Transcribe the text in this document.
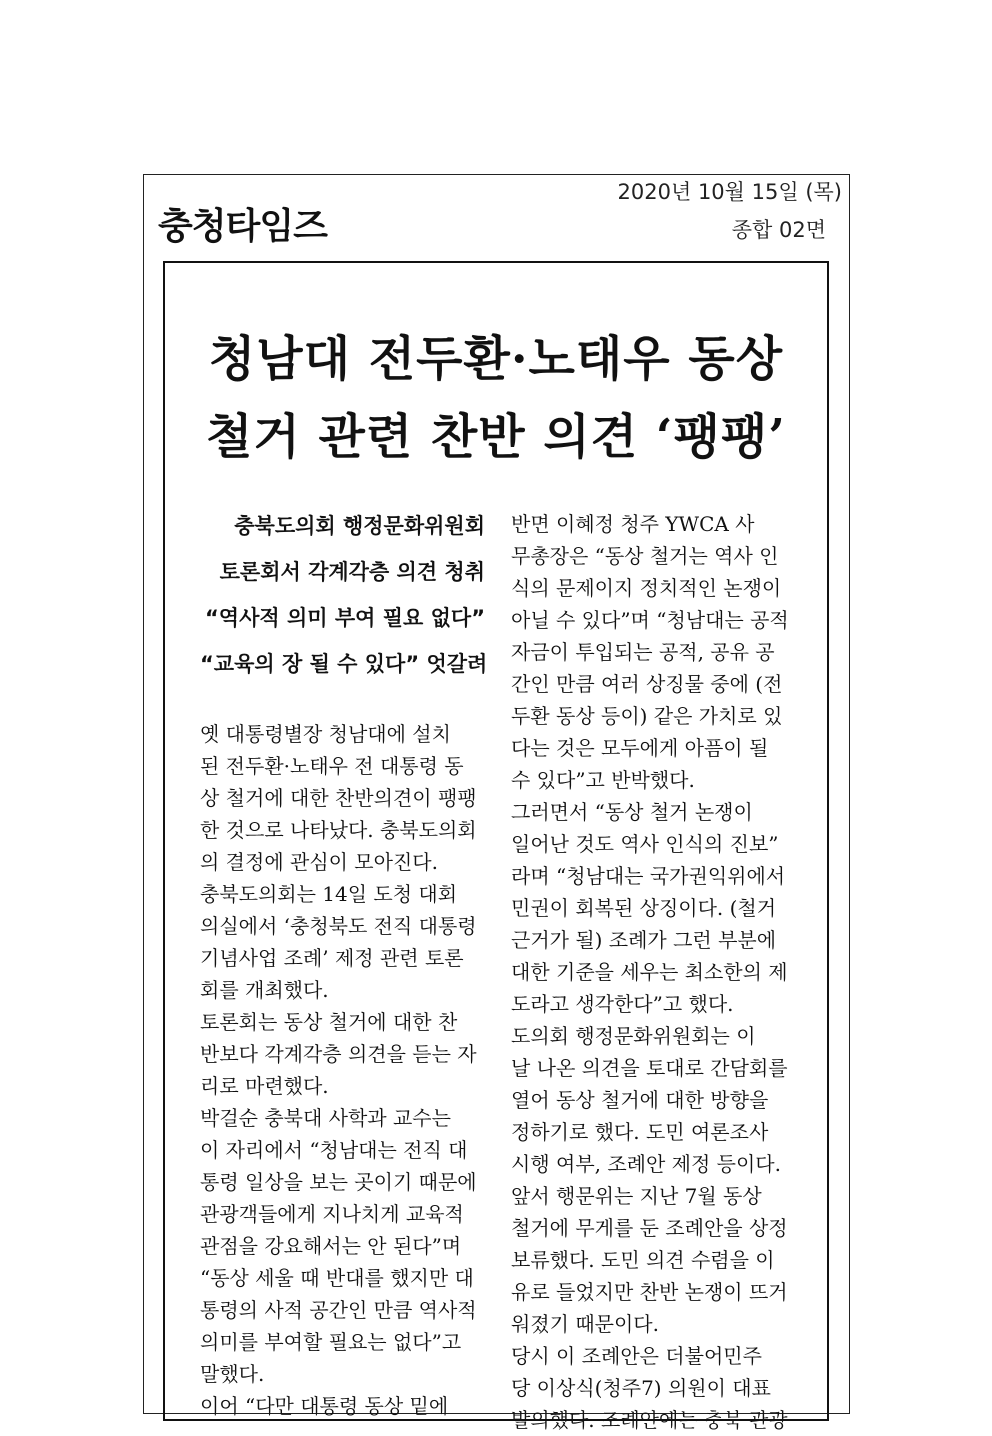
충청타임즈
2020년 10월 15일 (목)
종합 02면
청남대 전두환·노태우 동상
철거 관련 찬반 의견 ‘팽팽’
충북도의회 행정문화위원회
토론회서 각계각층 의견 청취
“역사적 의미 부여 필요 없다”
“교육의 장 될 수 있다” 엇갈려
옛 대통령별장 청남대에 설치
된 전두환·노태우 전 대통령 동
상 철거에 대한 찬반의견이 팽팽
한 것으로 나타났다. 충북도의회
의 결정에 관심이 모아진다.
충북도의회는 14일 도청 대회
의실에서 ‘충청북도 전직 대통령
기념사업 조례’ 제정 관련 토론
회를 개최했다.
토론회는 동상 철거에 대한 찬
반보다 각계각층 의견을 듣는 자
리로 마련했다.
박걸순 충북대 사학과 교수는
이 자리에서 “청남대는 전직 대
통령 일상을 보는 곳이기 때문에
관광객들에게 지나치게 교육적
관점을 강요해서는 안 된다”며
“동상 세울 때 반대를 했지만 대
통령의 사적 공간인 만큼 역사적
의미를 부여할 필요는 없다”고
말했다.
이어 “다만 대통령 동상 밑에
반면 이혜정 청주 YWCA 사
무총장은 “동상 철거는 역사 인
식의 문제이지 정치적인 논쟁이
아닐 수 있다”며 “청남대는 공적
자금이 투입되는 공적, 공유 공
간인 만큼 여러 상징물 중에 (전
두환 동상 등이) 같은 가치로 있
다는 것은 모두에게 아픔이 될
수 있다”고 반박했다.
그러면서 “동상 철거 논쟁이
일어난 것도 역사 인식의 진보”
라며 “청남대는 국가권익위에서
민권이 회복된 상징이다. (철거
근거가 될) 조례가 그런 부분에
대한 기준을 세우는 최소한의 제
도라고 생각한다”고 했다.
도의회 행정문화위원회는 이
날 나온 의견을 토대로 간담회를
열어 동상 철거에 대한 방향을
정하기로 했다. 도민 여론조사
시행 여부, 조례안 제정 등이다.
앞서 행문위는 지난 7월 동상
철거에 무게를 둔 조례안을 상정
보류했다. 도민 의견 수렴을 이
유로 들었지만 찬반 논쟁이 뜨거
워졌기 때문이다.
당시 이 조례안은 더불어민주
당 이상식(청주7) 의원이 대표
발의했다. 조례안에는 충북 관광
